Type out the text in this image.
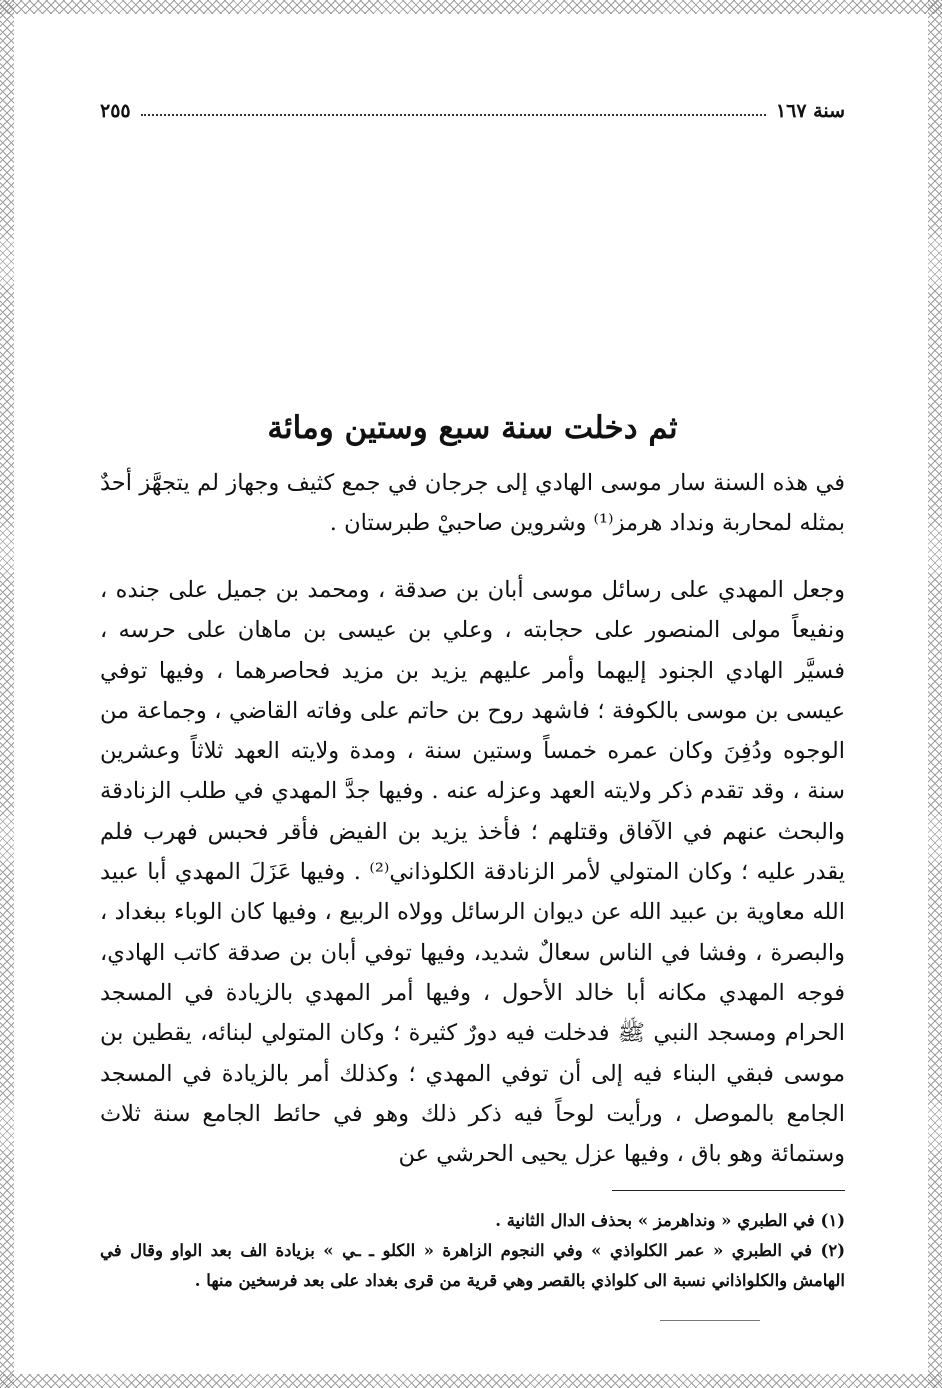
سنة ١٦٧
٢٥٥
ثم دخلت سنة سبع وستين ومائة

في هذه السنة سار موسى الهادي إلى جرجان في جمع كثيف وجهاز لم يتجهَّز أحدٌ بمثله لمحاربة ونداد هرمز⁽¹⁾ وشروين صاحبيْ طبرستان .

وجعل المهدي على رسائل موسى أبان بن صدقة ، ومحمد بن جميل على جنده ، ونفيعاً مولى المنصور على حجابته ، وعلي بن عيسى بن ماهان على حرسه ، فسيَّر الهادي الجنود إليهما وأمر عليهم يزيد بن مزيد فحاصرهما ، وفيها توفي عيسى بن موسى بالكوفة ؛ فاشهد روح بن حاتم على وفاته القاضي ، وجماعة من الوجوه ودُفِنَ وكان عمره خمساً وستين سنة ، ومدة ولايته العهد ثلاثاً وعشرين سنة ، وقد تقدم ذكر ولايته العهد وعزله عنه . وفيها جدَّ المهدي في طلب الزنادقة والبحث عنهم في الآفاق وقتلهم ؛ فأخذ يزيد بن الفيض فأقر فحبس فهرب فلم يقدر عليه ؛ وكان المتولي لأمر الزنادقة الكلوذاني⁽²⁾ . وفيها عَزَلَ المهدي أبا عبيد الله معاوية بن عبيد الله عن ديوان الرسائل وولاه الربيع ، وفيها كان الوباء ببغداد ، والبصرة ، وفشا في الناس سعالٌ شديد، وفيها توفي أبان بن صدقة كاتب الهادي، فوجه المهدي مكانه أبا خالد الأحول ، وفيها أمر المهدي بالزيادة في المسجد الحرام ومسجد النبي ﷺ فدخلت فيه دورٌ كثيرة ؛ وكان المتولي لبنائه، يقطين بن موسى فبقي البناء فيه إلى أن توفي المهدي ؛ وكذلك أمر بالزيادة في المسجد الجامع بالموصل ، ورأيت لوحاً فيه ذكر ذلك وهو في حائط الجامع سنة ثلاث وستمائة وهو باق ، وفيها عزل يحيى الحرشي عن

(١) في الطبري « ونداهرمز » بحذف الدال الثانية .

(٢) في الطبري « عمر الكلواذي » وفي النجوم الزاهرة « الكلو ـ ـي » بزيادة الف بعد الواو وقال في الهامش والكلواذاني نسبة الى كلواذي بالقصر وهي قرية من قرى بغداد على بعد فرسخين منها .
